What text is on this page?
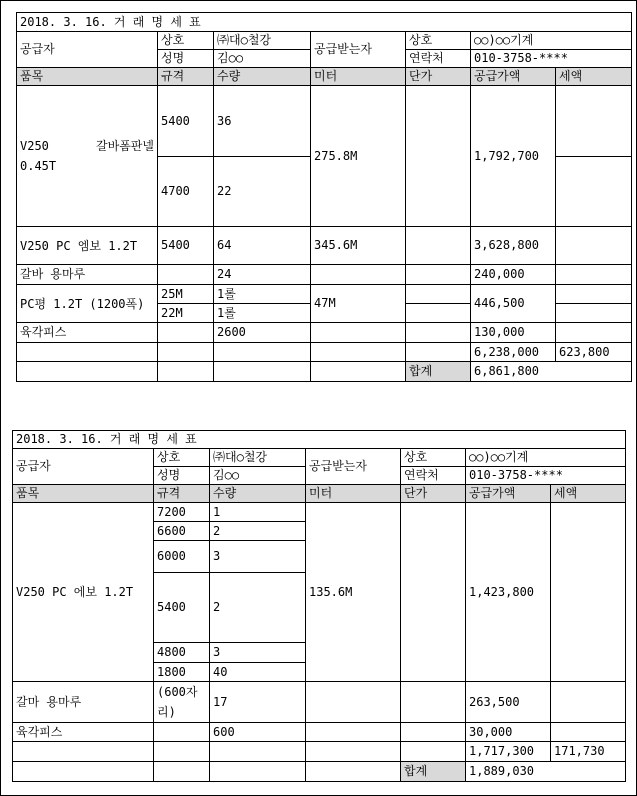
2018. 3. 16. 거 래 명 세 표						
공급자	상호	㈜대○철강	공급받는자	상호	○○)○○기계	
	성명	김○○		연락처	010-3758-****	
품목	규격	수량	미터	단가	공급가액	세액
V250 갈바폼판넬 0.45T	5400	36	275.8M		1,792,700	
	4700	22				
V250 PC 엠보 1.2T	5400	64	345.6M		3,628,800	
갈바 용마루		24			240,000	
PC평 1.2T (1200폭)	25M	1롤	47M		446,500	
	22M	1롤				
육각피스		2600			130,000	
					6,238,000	623,800
				합계	6,861,800	
2018. 3. 16. 거 래 명 세 표						
공급자	상호	㈜대○철강	공급받는자	상호	○○)○○기계	
	성명	김○○		연락처	010-3758-****	
품목	규격	수량	미터	단가	공급가액	세액
V250 PC 에보 1.2T	7200	1	135.6M		1,423,800	
	6600	2				
	6000	3				
	5400	2				
	4800	3				
	1800	40				
갈마 용마루	(600자리)	17			263,500	
육각피스		600			30,000	
					1,717,300	171,730
				합계	1,889,030	
